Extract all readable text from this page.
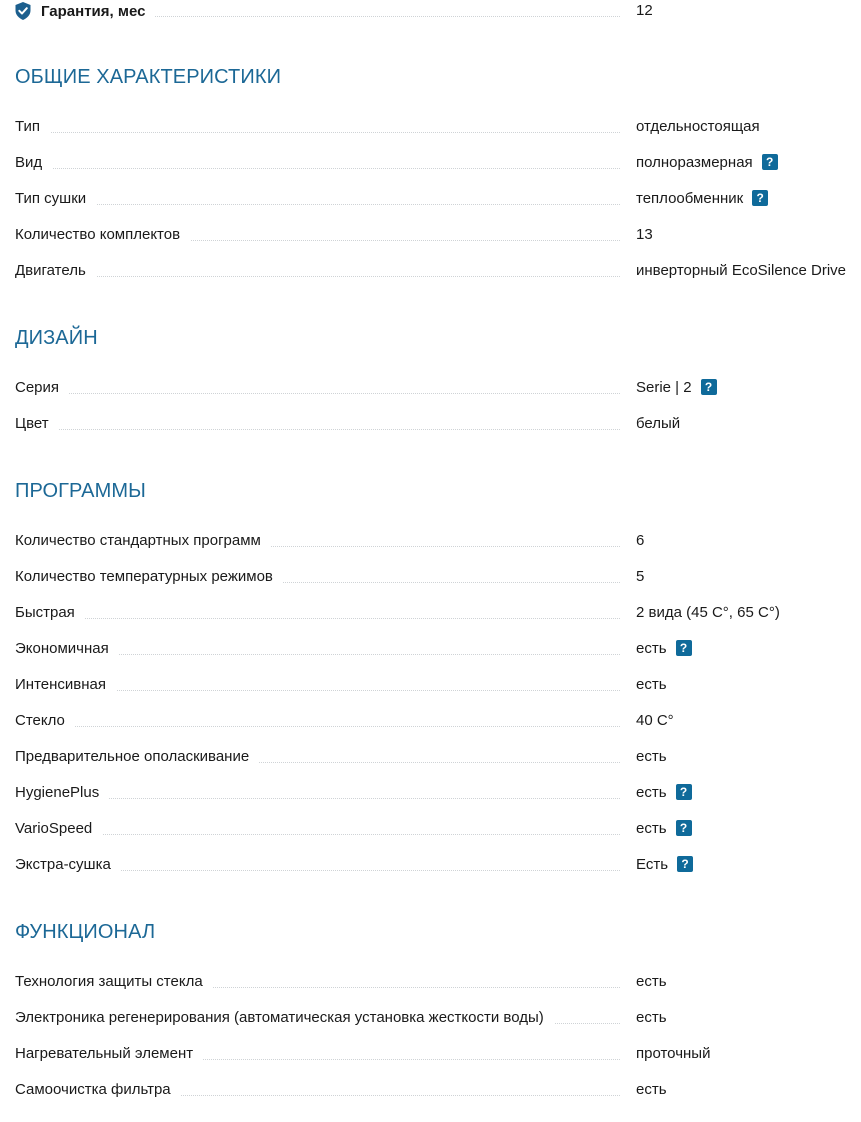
Гарантия, мес	12
ОБЩИЕ ХАРАКТЕРИСТИКИ
Тип	отдельностоящая
Вид	полноразмерная	?
Тип сушки	теплообменник	?
Количество комплектов	13
Двигатель	инверторный EcoSilence Drive
ДИЗАЙН
Серия	Serie | 2	?
Цвет	белый
ПРОГРАММЫ
Количество стандартных программ	6
Количество температурных режимов	5
Быстрая	2 вида (45 С°, 65 С°)
Экономичная	есть	?
Интенсивная	есть
Стекло	40 С°
Предварительное ополаскивание	есть
HygienePlus	есть	?
VarioSpeed	есть	?
Экстра-сушка	Есть	?
ФУНКЦИОНАЛ
Технология защиты стекла	есть
Электроника регенерирования (автоматическая установка жесткости воды)	есть
Нагревательный элемент	проточный
Самоочистка фильтра	есть
